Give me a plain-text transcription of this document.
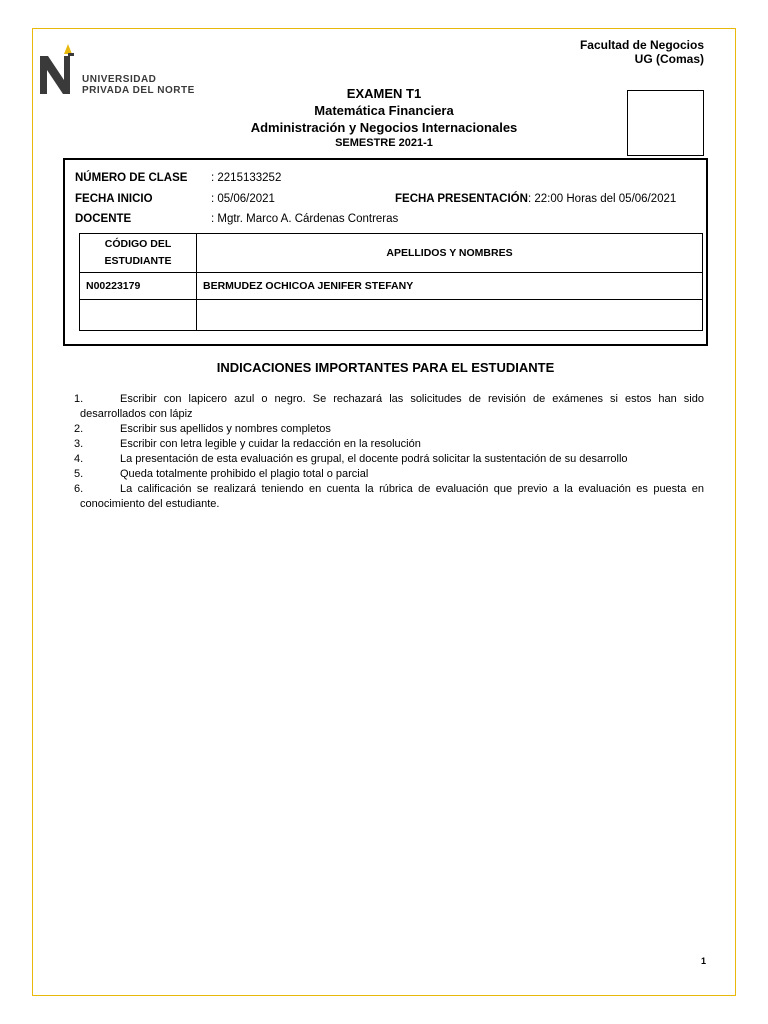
UNIVERSIDAD
PRIVADA DEL NORTE
Facultad de Negocios
UG (Comas)
EXAMEN T1
Matemática Financiera
Administración y Negocios Internacionales
SEMESTRE 2021-1
NÚMERO DE CLASE : 2215133252
FECHA INICIO	: 05/06/2021	FECHA PRESENTACIÓN : 22:00 Horas del 05/06/2021
DOCENTE	: Mgtr. Marco A. Cárdenas Contreras
CÓDIGO DEL
ESTUDIANTE	APELLIDOS Y NOMBRES
N00223179	BERMUDEZ OCHICOA JENIFER STEFANY

INDICACIONES IMPORTANTES PARA EL ESTUDIANTE
1.	Escribir con lapicero azul o negro. Se rechazará las solicitudes de revisión de exámenes si estos han sido desarrollados con lápiz
2.	Escribir sus apellidos y nombres completos
3.	Escribir con letra legible y cuidar la redacción en la resolución
4.	La presentación de esta evaluación es grupal, el docente podrá solicitar la sustentación de su desarrollo
5.	Queda totalmente prohibido el plagio total o parcial
6.	La calificación se realizará teniendo en cuenta la rúbrica de evaluación que previo a la evaluación es puesta en conocimiento del estudiante.
1
